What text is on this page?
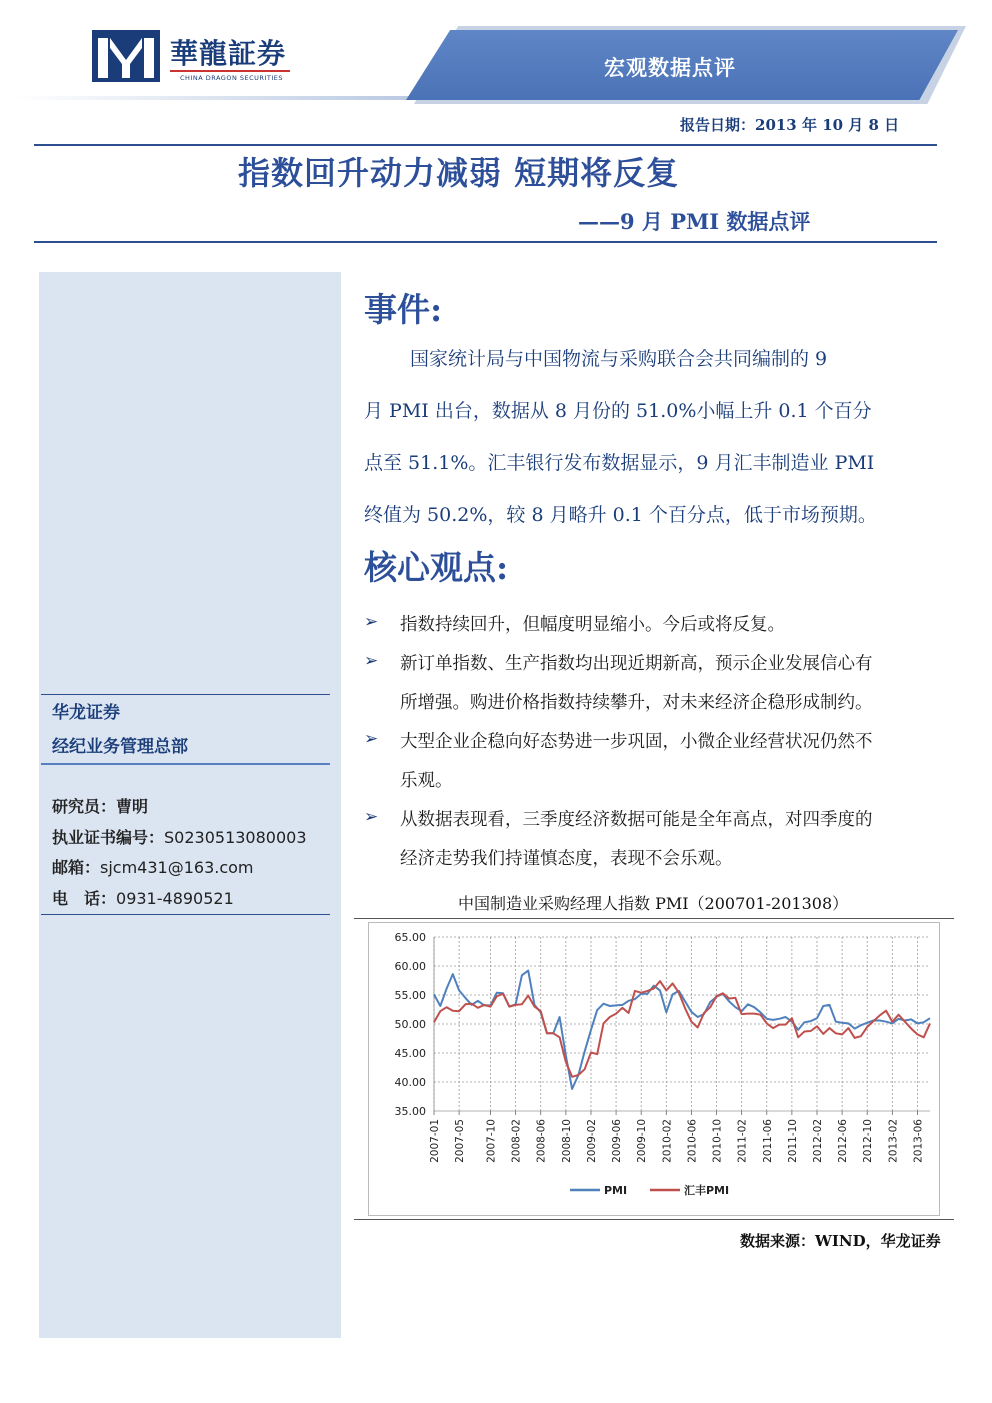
華龍証券
CHINA DRAGON SECURITIES	宏观数据点评
报告日期：2013 年 10 月 8 日
指数回升动力减弱 短期将反复
——9 月 PMI 数据点评
华龙证券
经纪业务管理总部
研究员：曹明
执业证书编号：S0230513080003
邮箱：sjcm431@163.com
电　话：0931-4890521
事件:
国家统计局与中国物流与采购联合会共同编制的 9
月 PMI 出台，数据从 8 月份的 51.0%小幅上升 0.1 个百分
点至 51.1%。汇丰银行发布数据显示，9 月汇丰制造业 PMI
终值为 50.2%，较 8 月略升 0.1 个百分点，低于市场预期。
核心观点:
➢ 指数持续回升，但幅度明显缩小。今后或将反复。
➢ 新订单指数、生产指数均出现近期新高，预示企业发展信心有
所增强。购进价格指数持续攀升，对未来经济企稳形成制约。
➢ 大型企业企稳向好态势进一步巩固，小微企业经营状况仍然不
乐观。
➢ 从数据表现看，三季度经济数据可能是全年高点，对四季度的
经济走势我们持谨慎态度，表现不会乐观。
中国制造业采购经理人指数 PMI（200701-201308）
65.00
60.00
55.00
50.00
45.00
40.00
35.00
2007-01 2007-05 2007-10 2008-02 2008-06 2008-10 2009-02 2009-06 2009-10 2010-02 2010-06 2010-10 2011-02 2011-06 2011-10 2012-02 2012-06 2012-10 2013-02 2013-06
PMI	汇丰PMI
数据来源：WIND，华龙证券
